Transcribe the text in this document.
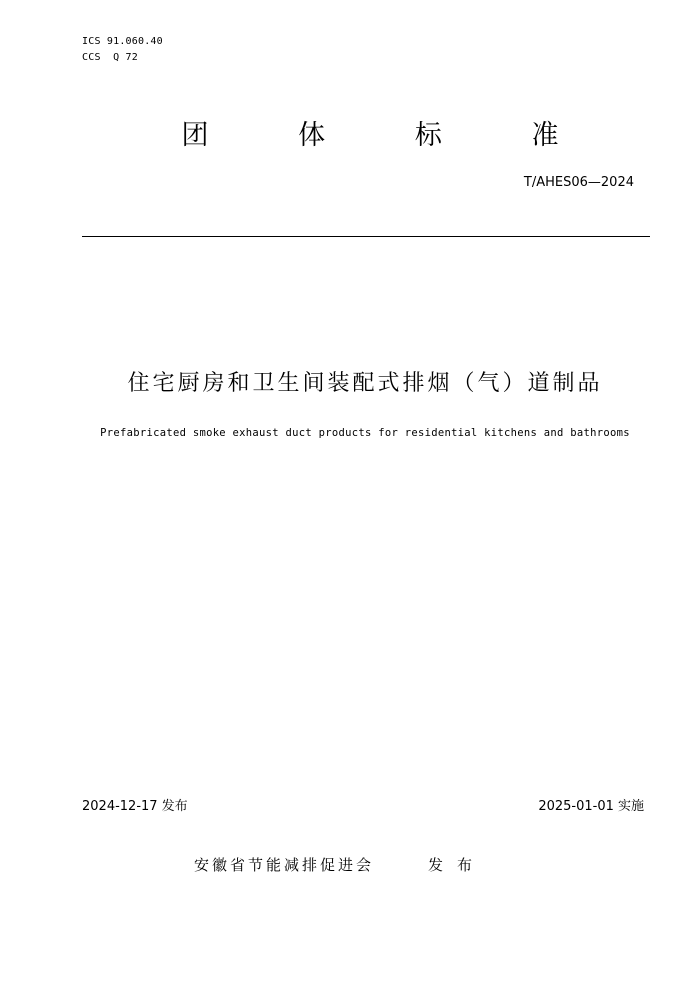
ICS 91.060.40
CCS  Q 72
团	体	标	准
T/AHES06—2024
住宅厨房和卫生间装配式排烟（气）道制品
Prefabricated smoke exhaust duct products for residential kitchens and bathrooms
2024-12-17 发布	2025-01-01 实施
安徽省节能减排促进会	发布
